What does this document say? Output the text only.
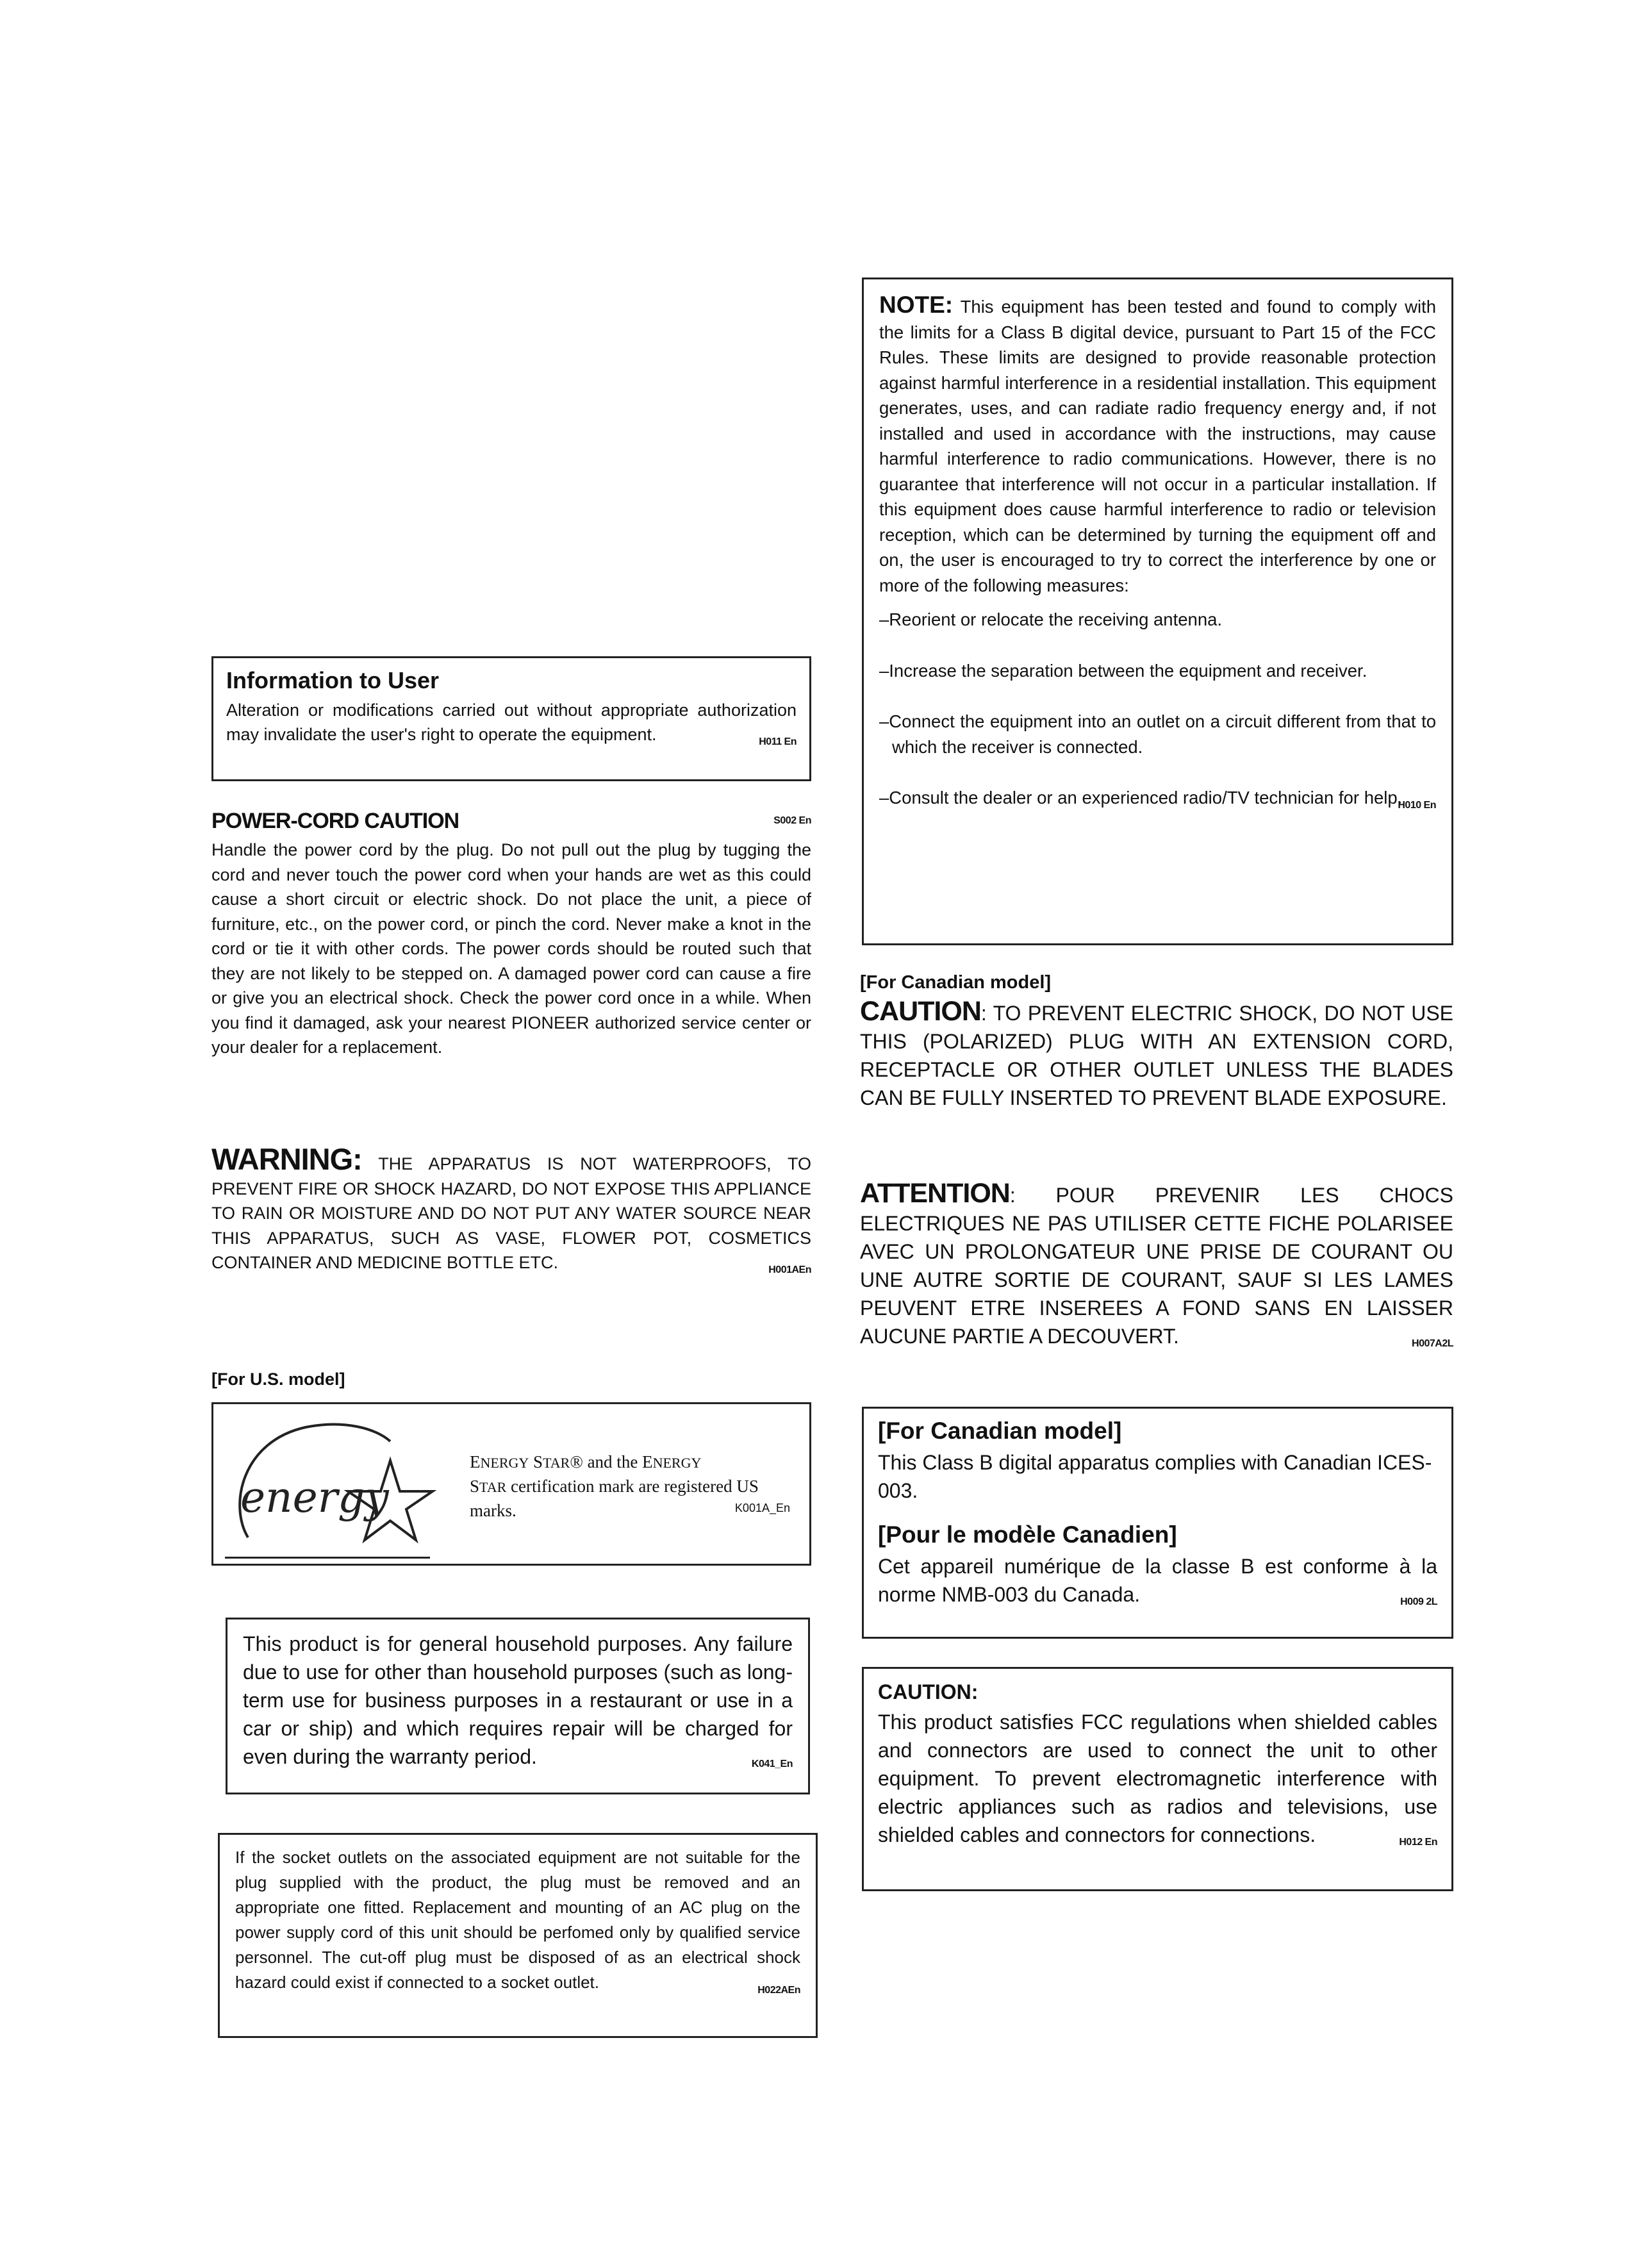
Information to User

Alteration or modifications carried out without appropriate authorization may invalidate the user's right to operate the equipment.	H011 En

POWER-CORD CAUTION	S002 En

Handle the power cord by the plug. Do not pull out the plug by tugging the cord and never touch the power cord when your hands are wet as this could cause a short circuit or electric shock. Do not place the unit, a piece of furniture, etc., on the power cord, or pinch the cord. Never make a knot in the cord or tie it with other cords. The power cords should be routed such that they are not likely to be stepped on. A damaged power cord can cause a fire or give you an electrical shock. Check the power cord once in a while. When you find it damaged, ask your nearest PIONEER authorized service center or your dealer for a replacement.

WARNING: THE APPARATUS IS NOT WATERPROOFS, TO PREVENT FIRE OR SHOCK HAZARD, DO NOT EXPOSE THIS APPLIANCE TO RAIN OR MOISTURE AND DO NOT PUT ANY WATER SOURCE NEAR THIS APPARATUS, SUCH AS VASE, FLOWER POT, COSMETICS CONTAINER AND MEDICINE BOTTLE ETC.	H001AEn

[For U.S. model]
energy
ENERGY STAR® and the ENERGY
STAR certification mark are registered US marks.	K001A_En

This product is for general household purposes. Any failure due to use for other than household purposes (such as long-term use for business purposes in a restaurant or use in a car or ship) and which requires repair will be charged for even during the warranty period.	K041_En

If the socket outlets on the associated equipment are not suitable for the plug supplied with the product, the plug must be removed and an appropriate one fitted. Replacement and mounting of an AC plug on the power supply cord of this unit should be perfomed only by qualified service personnel. The cut-off plug must be disposed of as an electrical shock hazard could exist if connected to a socket outlet.	H022AEn

NOTE: This equipment has been tested and found to comply with the limits for a Class B digital device, pursuant to Part 15 of the FCC Rules. These limits are designed to provide reasonable protection against harmful interference in a residential installation. This equipment generates, uses, and can radiate radio frequency energy and, if not installed and used in accordance with the instructions, may cause harmful interference to radio communications. However, there is no guarantee that interference will not occur in a particular installation. If this equipment does cause harmful interference to radio or television reception, which can be determined by turning the equipment off and on, the user is encouraged to try to correct the interference by one or more of the following measures:

–Reorient or relocate the receiving antenna.

–Increase the separation between the equipment and receiver.

–Connect the equipment into an outlet on a circuit different from that to which the receiver is connected.

–Consult the dealer or an experienced radio/TV technician for help.
H010 En

[For Canadian model]

CAUTION: TO PREVENT ELECTRIC SHOCK, DO NOT USE THIS (POLARIZED) PLUG WITH AN EXTENSION CORD, RECEPTACLE OR OTHER OUTLET UNLESS THE BLADES CAN BE FULLY INSERTED TO PREVENT BLADE EXPOSURE.

ATTENTION: POUR PREVENIR LES CHOCS ELECTRIQUES NE PAS UTILISER CETTE FICHE POLARISEE AVEC UN PROLONGATEUR UNE PRISE DE COURANT OU UNE AUTRE SORTIE DE COURANT, SAUF SI LES LAMES PEUVENT ETRE INSEREES A FOND SANS EN LAISSER AUCUNE PARTIE A DECOUVERT.	H007A2L

[For Canadian model]

This Class B digital apparatus complies with Canadian ICES-003.

[Pour le modèle Canadien]

Cet appareil numérique de la classe B est conforme à la norme NMB-003 du Canada.	H009 2L

CAUTION:

This product satisfies FCC regulations when shielded cables and connectors are used to connect the unit to other equipment. To prevent electromagnetic interference with electric appliances such as radios and televisions, use shielded cables and connectors for connections.	H012 En
